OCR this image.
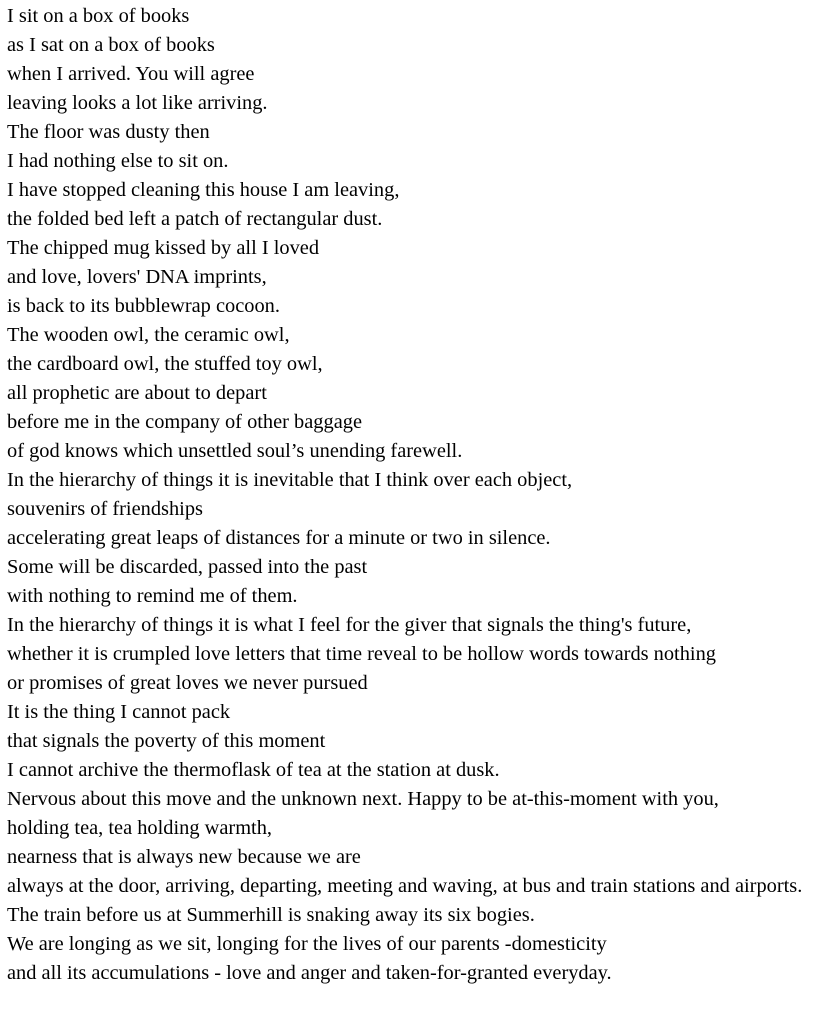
I sit on a box of books
as I sat on a box of books
when I arrived. You will agree
leaving looks a lot like arriving.
The floor was dusty then
I had nothing else to sit on.
I have stopped cleaning this house I am leaving,
the folded bed left a patch of rectangular dust.
The chipped mug kissed by all I loved
and love, lovers' DNA imprints,
is back to its bubblewrap cocoon.
The wooden owl, the ceramic owl,
the cardboard owl, the stuffed toy owl,
all prophetic are about to depart
before me in the company of other baggage
of god knows which unsettled soul’s unending farewell.
In the hierarchy of things it is inevitable that I think over each object,
souvenirs of friendships
accelerating great leaps of distances for a minute or two in silence.
Some will be discarded, passed into the past
with nothing to remind me of them.
In the hierarchy of things it is what I feel for the giver that signals the thing's future,
whether it is crumpled love letters that time reveal to be hollow words towards nothing
or promises of great loves we never pursued
It is the thing I cannot pack
that signals the poverty of this moment
I cannot archive the thermoflask of tea at the station at dusk.
Nervous about this move and the unknown next. Happy to be at-this-moment with you,
holding tea, tea holding warmth,
nearness that is always new because we are
always at the door, arriving, departing, meeting and waving, at bus and train stations and airports.
The train before us at Summerhill is snaking away its six bogies.
We are longing as we sit, longing for the lives of our parents -domesticity
and all its accumulations - love and anger and taken-for-granted everyday.
